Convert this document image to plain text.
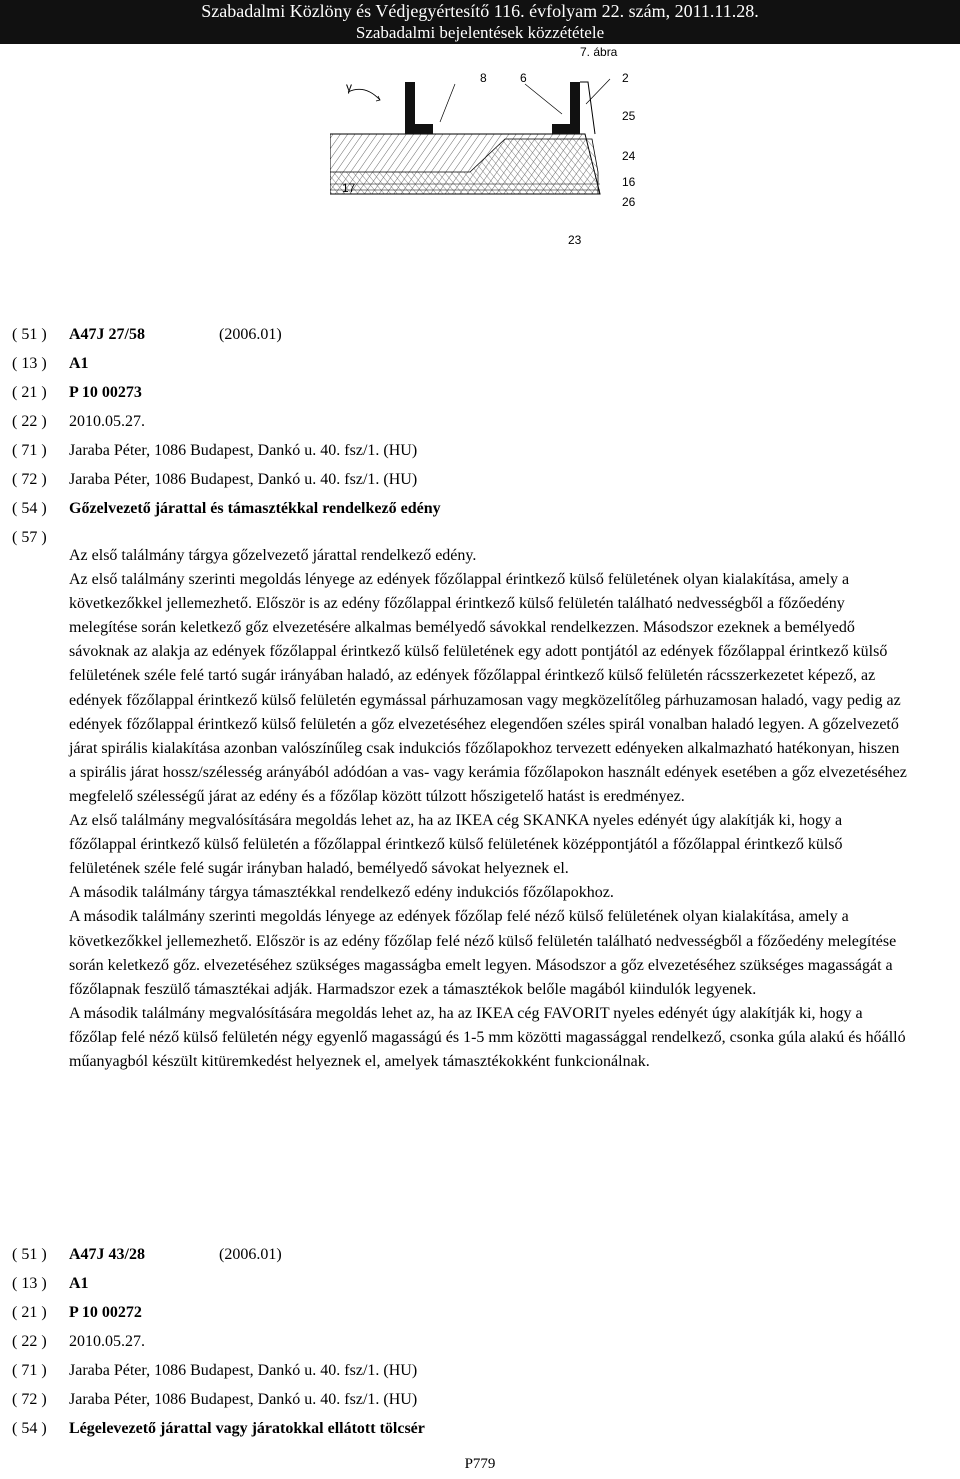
Szabadalmi Közlöny és Védjegyértesítő 116. évfolyam 22. szám, 2011.11.28.
Szabadalmi bejelentések közzététele
7. ábra
γ
8	6	2
25
24
17	16
26
23
( 51 ) A47J 27/58	(2006.01)
( 13 ) A1
( 21 ) P 10 00273
( 22 ) 2010.05.27.
( 71 ) Jaraba Péter, 1086 Budapest, Dankó u. 40. fsz/1. (HU)
( 72 ) Jaraba Péter, 1086 Budapest, Dankó u. 40. fsz/1. (HU)
( 54 ) Gőzelvezető járattal és támasztékkal rendelkező edény
( 57 )

Az első találmány tárgya gőzelvezető járattal rendelkező edény.

Az első találmány szerinti megoldás lényege az edények főzőlappal érintkező külső felületének olyan kialakítása, amely a következőkkel jellemezhető. Először is az edény főzőlappal érintkező külső felületén található nedvességből a főzőedény melegítése során keletkező gőz elvezetésére alkalmas bemélyedő sávokkal rendelkezzen. Másodszor ezeknek a bemélyedő sávoknak az alakja az edények főzőlappal érintkező külső felületének egy adott pontjától az edények főzőlappal érintkező külső felületének széle felé tartó sugár irányában haladó, az edények főzőlappal érintkező külső felületén rácsszerkezetet képező, az edények főzőlappal érintkező külső felületén egymással párhuzamosan vagy megközelítőleg párhuzamosan haladó, vagy pedig az edények főzőlappal érintkező külső felületén a gőz elvezetéséhez elegendően széles spirál vonalban haladó legyen. A gőzelvezető járat spirális kialakítása azonban valószínűleg csak indukciós főzőlapokhoz tervezett edényeken alkalmazható hatékonyan, hiszen a spirális járat hossz/szélesség arányából adódóan a vas- vagy kerámia főzőlapokon használt edények esetében a gőz elvezetéséhez megfelelő szélességű járat az edény és a főzőlap között túlzott hőszigetelő hatást is eredményez.

Az első találmány megvalósítására megoldás lehet az, ha az IKEA cég SKANKA nyeles edényét úgy alakítják ki, hogy a főzőlappal érintkező külső felületén a főzőlappal érintkező külső felületének középpontjától a főzőlappal érintkező külső felületének széle felé sugár irányban haladó, bemélyedő sávokat helyeznek el.

A második találmány tárgya támasztékkal rendelkező edény indukciós főzőlapokhoz.

A második találmány szerinti megoldás lényege az edények főzőlap felé néző külső felületének olyan kialakítása, amely a következőkkel jellemezhető. Először is az edény főzőlap felé néző külső felületén található nedvességből a főzőedény melegítése során keletkező gőz. elvezetéséhez szükséges magasságba emelt legyen. Másodszor a gőz elvezetéséhez szükséges magasságát a főzőlapnak feszülő támasztékai adják. Harmadszor ezek a támasztékok belőle magából kiindulók legyenek.

A második találmány megvalósítására megoldás lehet az, ha az IKEA cég FAVORIT nyeles edényét úgy alakítják ki, hogy a főzőlap felé néző külső felületén négy egyenlő magasságú és 1-5 mm közötti magassággal rendelkező, csonka gúla alakú és hőálló műanyagból készült kitüremkedést helyeznek el, amelyek támasztékokként funkcionálnak.

( 51 ) A47J 43/28	(2006.01)
( 13 ) A1
( 21 ) P 10 00272
( 22 ) 2010.05.27.
( 71 ) Jaraba Péter, 1086 Budapest, Dankó u. 40. fsz/1. (HU)
( 72 ) Jaraba Péter, 1086 Budapest, Dankó u. 40. fsz/1. (HU)
( 54 ) Légelevezető járattal vagy járatokkal ellátott tölcsér
P779
